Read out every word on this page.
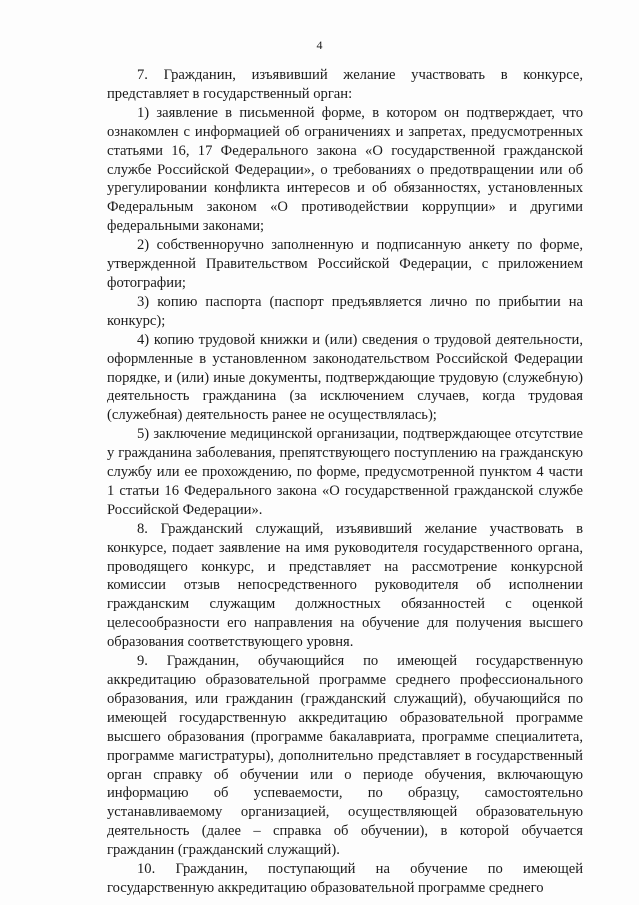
4

7. Гражданин, изъявивший желание участвовать в конкурсе, представляет в государственный орган:

1) заявление в письменной форме, в котором он подтверждает, что ознакомлен с информацией об ограничениях и запретах, предусмотренных статьями 16, 17 Федерального закона «О государственной гражданской службе Российской Федерации», о требованиях о предотвращении или об урегулировании конфликта интересов и об обязанностях, установленных Федеральным законом «О противодействии коррупции» и другими федеральными законами;

2) собственноручно заполненную и подписанную анкету по форме, утвержденной Правительством Российской Федерации, с приложением фотографии;

3) копию паспорта (паспорт предъявляется лично по прибытии на конкурс);

4) копию трудовой книжки и (или) сведения о трудовой деятельности, оформленные в установленном законодательством Российской Федерации порядке, и (или) иные документы, подтверждающие трудовую (служебную) деятельность гражданина (за исключением случаев, когда трудовая (служебная) деятельность ранее не осуществлялась);

5) заключение медицинской организации, подтверждающее отсутствие у гражданина заболевания, препятствующего поступлению на гражданскую службу или ее прохождению, по форме, предусмотренной пунктом 4 части 1 статьи 16 Федерального закона «О государственной гражданской службе Российской Федерации».

8. Гражданский служащий, изъявивший желание участвовать в конкурсе, подает заявление на имя руководителя государственного органа, проводящего конкурс, и представляет на рассмотрение конкурсной комиссии отзыв непосредственного руководителя об исполнении гражданским служащим должностных обязанностей с оценкой целесообразности его направления на обучение для получения высшего образования соответствующего уровня.

9. Гражданин, обучающийся по имеющей государственную аккредитацию образовательной программе среднего профессионального образования, или гражданин (гражданский служащий), обучающийся по имеющей государственную аккредитацию образовательной программе высшего образования (программе бакалавриата, программе специалитета, программе магистратуры), дополнительно представляет в государственный орган справку об обучении или о периоде обучения, включающую информацию об успеваемости, по образцу, самостоятельно устанавливаемому организацией, осуществляющей образовательную деятельность (далее – справка об обучении), в которой обучается гражданин (гражданский служащий).

10. Гражданин, поступающий на обучение по имеющей государственную аккредитацию образовательной программе среднего
